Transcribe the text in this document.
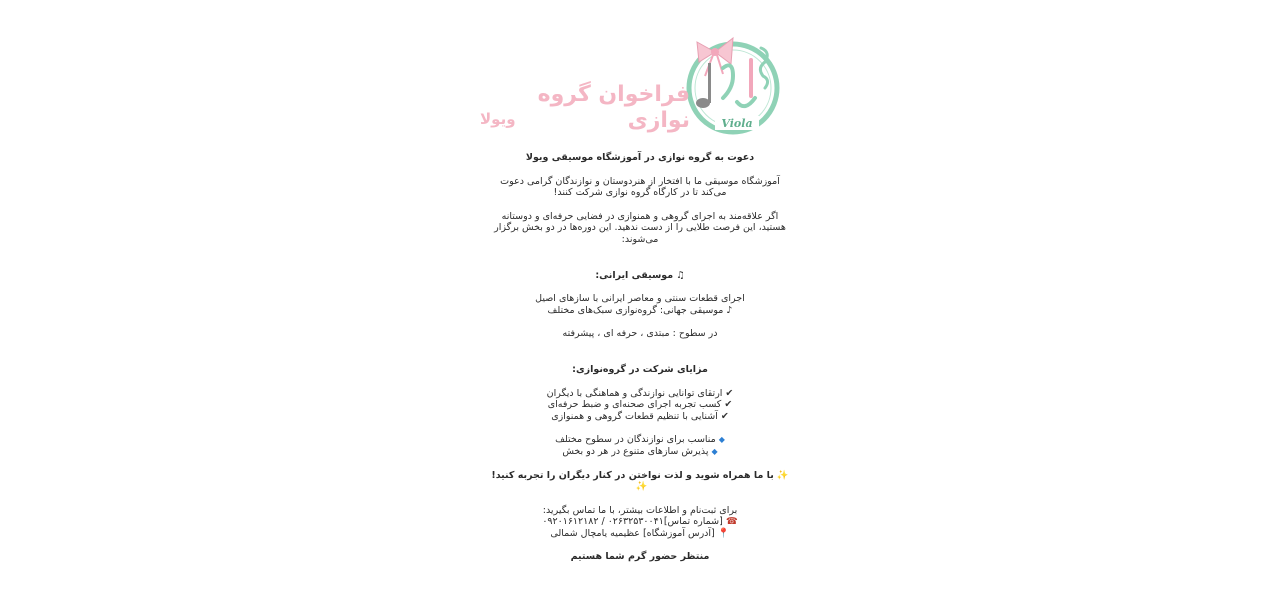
Viola
فراخوان گروه نوازی
ویولا

دعوت به گروه نوازی در آموزشگاه موسیقی ویولا

آموزشگاه موسیقی ما با افتخار از هنردوستان و نوازندگان گرامی دعوت می‌کند تا در کارگاه گروه نوازی شرکت کنند!

اگر علاقه‌مند به اجرای گروهی و همنوازی در فضایی حرفه‌ای و دوستانه هستید، این فرصت طلایی را از دست ندهید. این دوره‌ها در دو بخش برگزار می‌شوند:

♫موسیقی ایرانی:

اجرای قطعات سنتی و معاصر ایرانی با سازهای اصیل

♪موسیقی جهانی: گروه‌نوازی سبک‌های مختلف

در سطوح : مبتدی ، حرفه ای ، پیشرفته

مزایای شرکت در گروه‌نوازی:

✔ارتقای توانایی نوازندگی و هماهنگی با دیگران

✔کسب تجربه اجرای صحنه‌ای و ضبط حرفه‌ای

✔آشنایی با تنظیم قطعات گروهی و همنوازی

◆مناسب برای نوازندگان در سطوح مختلف

◆پذیرش سازهای متنوع در هر دو بخش

✨با ما همراه شوید و لذت نواختن در کنار دیگران را تجربه کنید!✨

برای ثبت‌نام و اطلاعات بیشتر، با ما تماس بگیرید:

☎[شماره تماس]۰۲۶۳۲۵۳۰۰۴۱ / ۰۹۲۰۱۶۱۲۱۸۲

📍[آدرس آموزشگاه] عظیمیه یامچال شمالی

منتظر حضور گرم شما هستیم
